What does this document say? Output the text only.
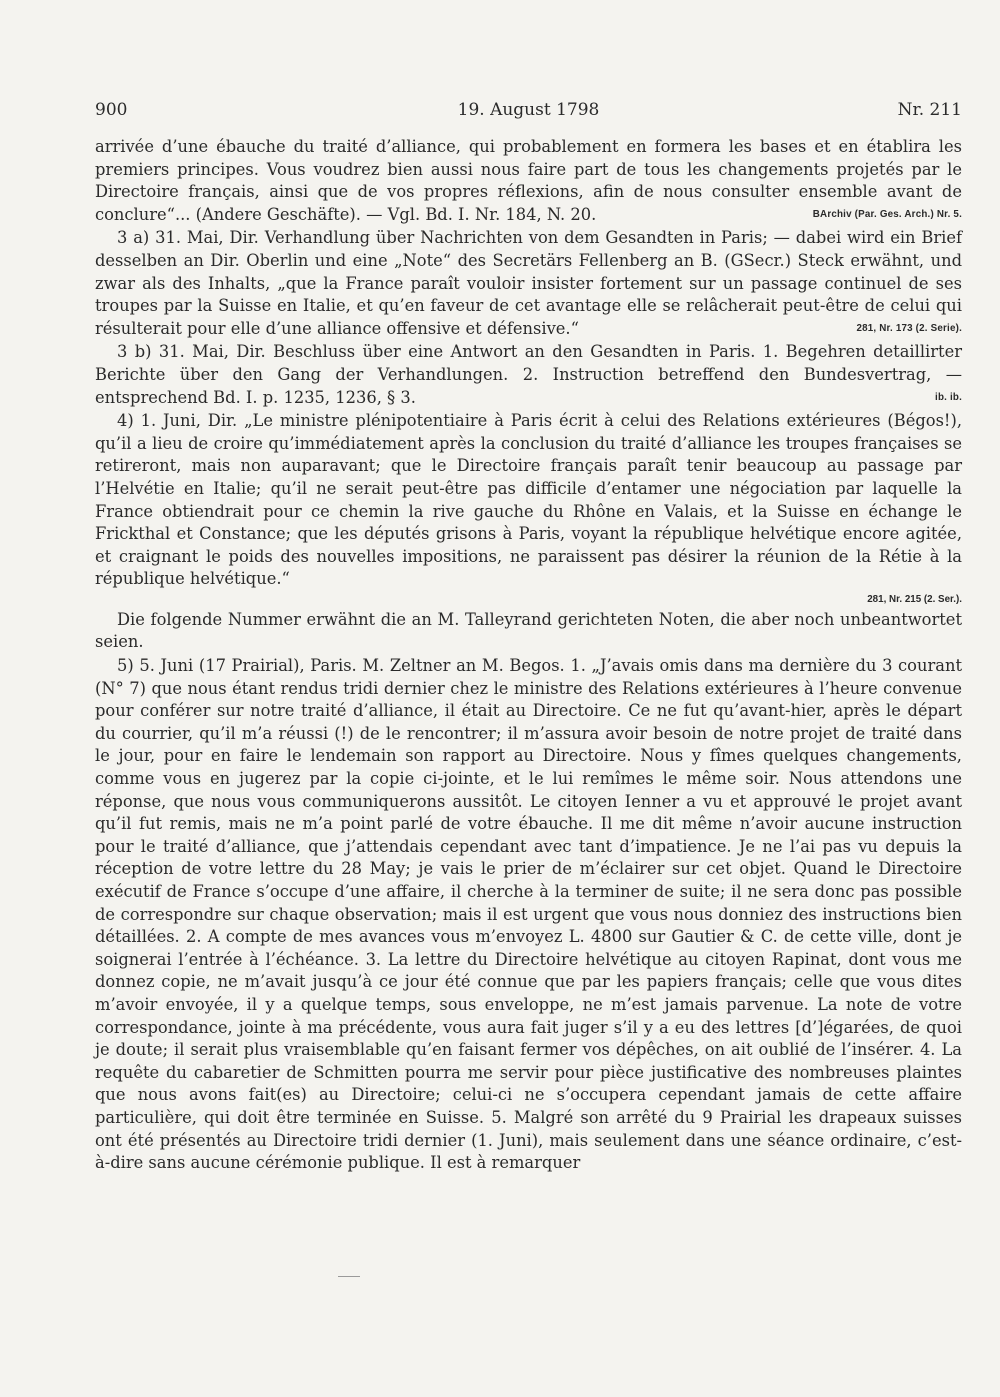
900	19. August 1798	Nr. 211

arrivée d’une ébauche du traité d’alliance, qui probablement en formera les bases et en établira les premiers principes. Vous voudrez bien aussi nous faire part de tous les changements projetés par le Directoire français, ainsi que de vos propres réflexions, afin de nous consulter ensemble avant de conclure“... (Andere Geschäfte). — Vgl. Bd. I. Nr. 184, N. 20.	BArchiv (Par. Ges. Arch.) Nr. 5.

3 a) 31. Mai, Dir. Verhandlung über Nachrichten von dem Gesandten in Paris; — dabei wird ein Brief desselben an Dir. Oberlin und eine „Note“ des Secretärs Fellenberg an B. (GSecr.) Steck erwähnt, und zwar als des Inhalts, „que la France paraît vouloir insister fortement sur un passage continuel de ses troupes par la Suisse en Italie, et qu’en faveur de cet avantage elle se relâcherait peut-être de celui qui résulterait pour elle d’une alliance offensive et défensive.“	281, Nr. 173 (2. Serie).

3 b) 31. Mai, Dir. Beschluss über eine Antwort an den Gesandten in Paris. 1. Begehren detaillirter Berichte über den Gang der Verhandlungen. 2. Instruction betreffend den Bundesvertrag, — entsprechend Bd. I. p. 1235, 1236, § 3.	ib. ib.

4) 1. Juni, Dir. „Le ministre plénipotentiaire à Paris écrit à celui des Relations extérieures (Bégos!), qu’il a lieu de croire qu’immédiatement après la conclusion du traité d’alliance les troupes françaises se retireront, mais non auparavant; que le Directoire français paraît tenir beaucoup au passage par l’Helvétie en Italie; qu’il ne serait peut-être pas difficile d’entamer une négociation par laquelle la France obtiendrait pour ce chemin la rive gauche du Rhône en Valais, et la Suisse en échange le Frickthal et Constance; que les députés grisons à Paris, voyant la république helvétique encore agitée, et craignant le poids des nouvelles impositions, ne paraissent pas désirer la réunion de la Rétie à la république helvétique.“

281, Nr. 215 (2. Ser.).

Die folgende Nummer erwähnt die an M. Talleyrand gerichteten Noten, die aber noch unbeantwortet seien.

5) 5. Juni (17 Prairial), Paris. M. Zeltner an M. Begos. 1. „J’avais omis dans ma dernière du 3 courant (N° 7) que nous étant rendus tridi dernier chez le ministre des Relations extérieures à l’heure convenue pour conférer sur notre traité d’alliance, il était au Directoire. Ce ne fut qu’avant-hier, après le départ du courrier, qu’il m’a réussi (!) de le rencontrer; il m’assura avoir besoin de notre projet de traité dans le jour, pour en faire le lendemain son rapport au Directoire. Nous y fîmes quelques changements, comme vous en jugerez par la copie ci-jointe, et le lui remîmes le même soir. Nous attendons une réponse, que nous vous communiquerons aussitôt. Le citoyen Ienner a vu et approuvé le projet avant qu’il fut remis, mais ne m’a point parlé de votre ébauche. Il me dit même n’avoir aucune instruction pour le traité d’alliance, que j’attendais cependant avec tant d’impatience. Je ne l’ai pas vu depuis la réception de votre lettre du 28 May; je vais le prier de m’éclairer sur cet objet. Quand le Directoire exécutif de France s’occupe d’une affaire, il cherche à la terminer de suite; il ne sera donc pas possible de correspondre sur chaque observation; mais il est urgent que vous nous donniez des instructions bien détaillées. 2. A compte de mes avances vous m’envoyez L. 4800 sur Gautier & C. de cette ville, dont je soignerai l’entrée à l’échéance. 3. La lettre du Directoire helvétique au citoyen Rapinat, dont vous me donnez copie, ne m’avait jusqu’à ce jour été connue que par les papiers français; celle que vous dites m’avoir envoyée, il y a quelque temps, sous enveloppe, ne m’est jamais parvenue. La note de votre correspondance, jointe à ma précédente, vous aura fait juger s’il y a eu des lettres [d’]égarées, de quoi je doute; il serait plus vraisemblable qu’en faisant fermer vos dépêches, on ait oublié de l’insérer. 4. La requête du cabaretier de Schmitten pourra me servir pour pièce justificative des nombreuses plaintes que nous avons fait(es) au Directoire; celui-ci ne s’occupera cependant jamais de cette affaire particulière, qui doit être terminée en Suisse. 5. Malgré son arrêté du 9 Prairial les drapeaux suisses ont été présentés au Directoire tridi dernier (1. Juni), mais seulement dans une séance ordinaire, c’est-à-dire sans aucune cérémonie publique. Il est à remarquer
